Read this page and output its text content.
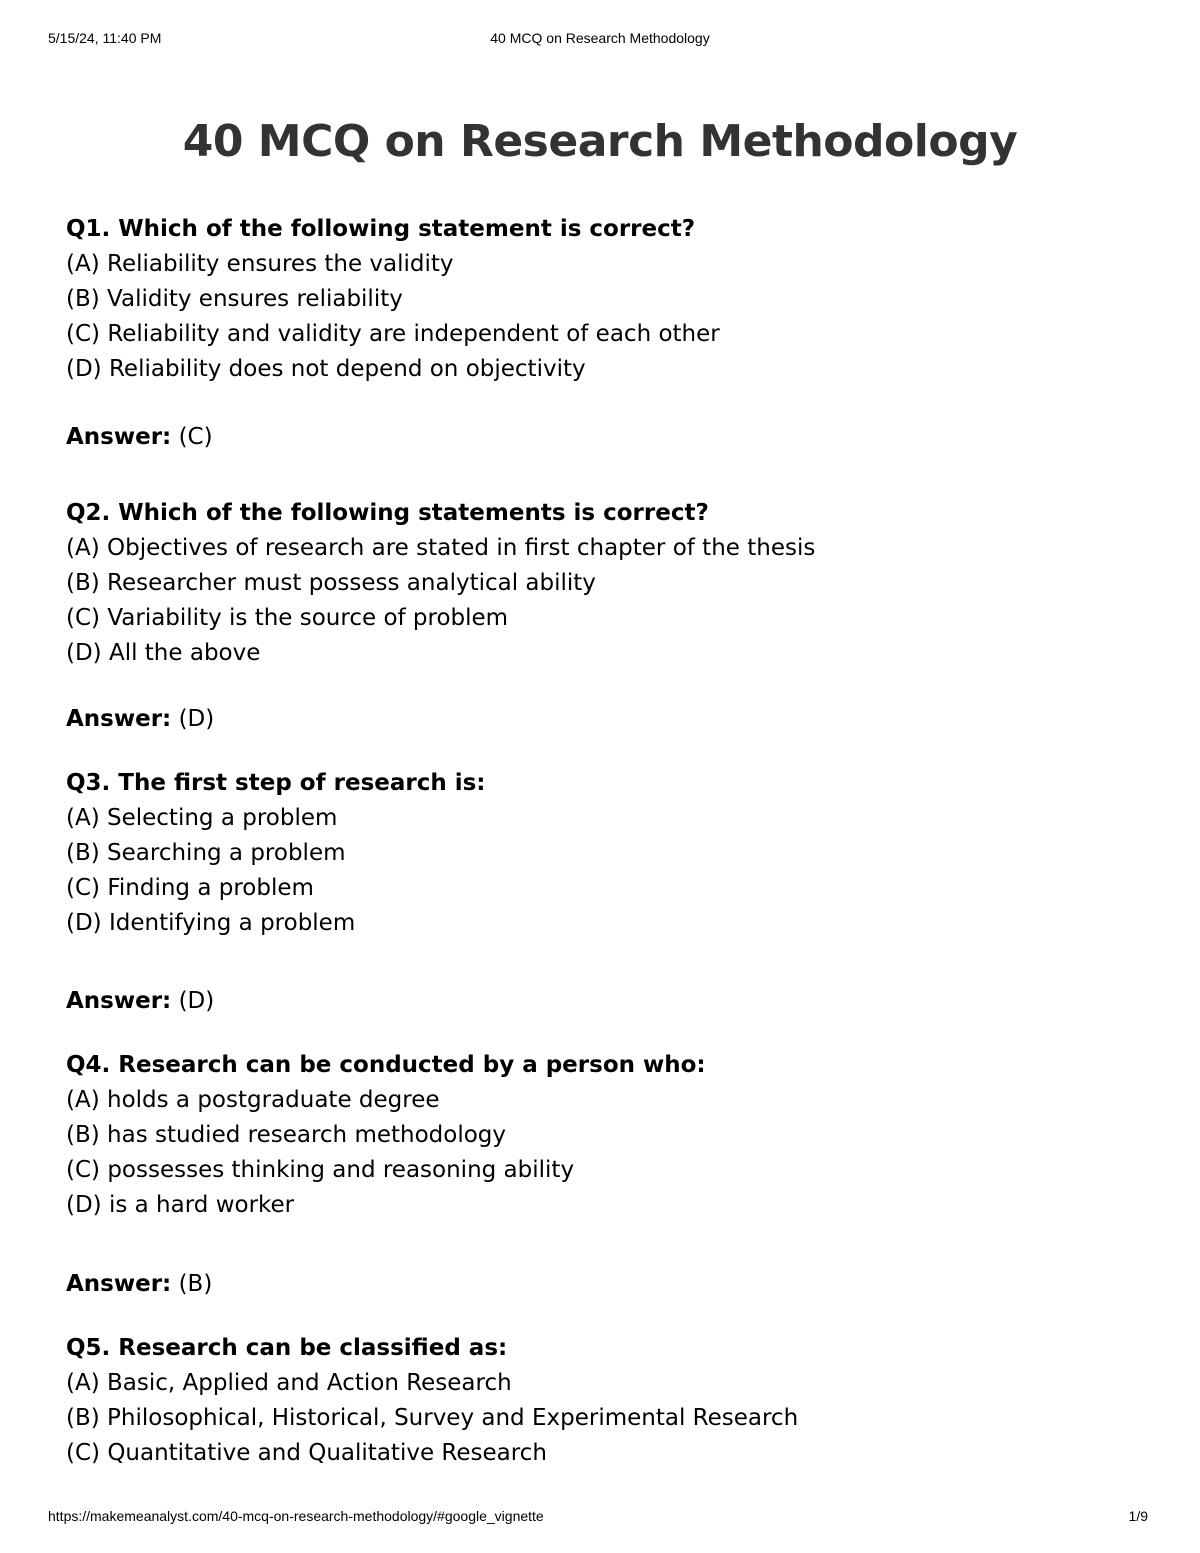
5/15/24, 11:40 PM	40 MCQ on Research Methodology
40 MCQ on Research Methodology
Q1. Which of the following statement is correct?
(A) Reliability ensures the validity
(B) Validity ensures reliability
(C) Reliability and validity are independent of each other
(D) Reliability does not depend on objectivity
Answer: (C)
Q2. Which of the following statements is correct?
(A) Objectives of research are stated in first chapter of the thesis
(B) Researcher must possess analytical ability
(C) Variability is the source of problem
(D) All the above
Answer: (D)
Q3. The first step of research is:
(A) Selecting a problem
(B) Searching a problem
(C) Finding a problem
(D) Identifying a problem
Answer: (D)
Q4. Research can be conducted by a person who:
(A) holds a postgraduate degree
(B) has studied research methodology
(C) possesses thinking and reasoning ability
(D) is a hard worker
Answer: (B)
Q5. Research can be classified as:
(A) Basic, Applied and Action Research
(B) Philosophical, Historical, Survey and Experimental Research
(C) Quantitative and Qualitative Research
https://makemeanalyst.com/40-mcq-on-research-methodology/#google_vignette	1/9
